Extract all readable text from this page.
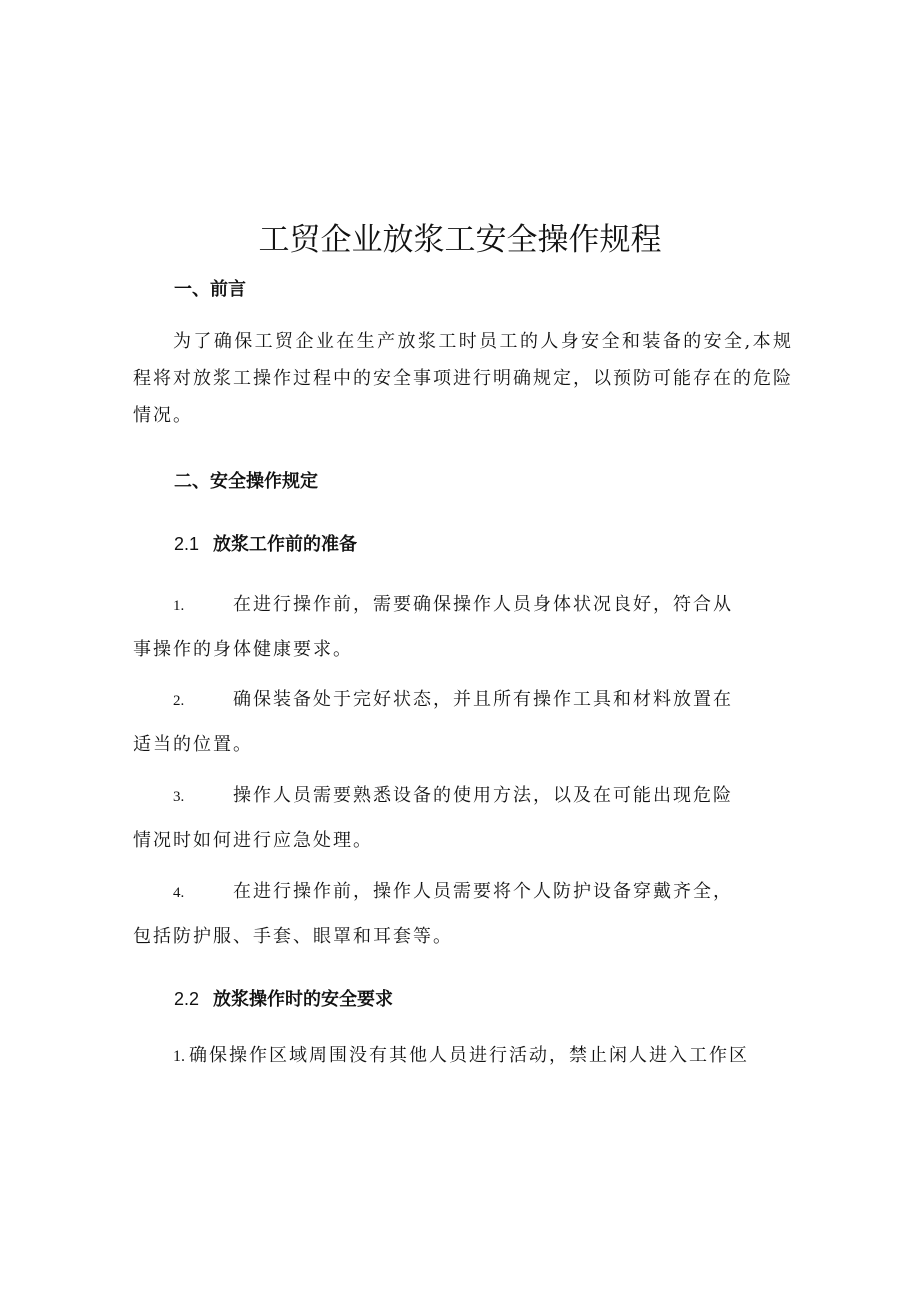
工贸企业放浆工安全操作规程
一、前言
为了确保工贸企业在生产放浆工时员工的人身安全和装备的安全,本规程将对放浆工操作过程中的安全事项进行明确规定，以预防可能存在的危险情况。
二、安全操作规定
2.1 放浆工作前的准备
1.	在进行操作前，需要确保操作人员身体状况良好，符合从
事操作的身体健康要求。
2.	确保装备处于完好状态，并且所有操作工具和材料放置在
适当的位置。
3.	操作人员需要熟悉设备的使用方法，以及在可能出现危险
情况时如何进行应急处理。
4.	在进行操作前，操作人员需要将个人防护设备穿戴齐全，
包括防护服、手套、眼罩和耳套等。
2.2 放浆操作时的安全要求
1. 确保操作区域周围没有其他人员进行活动，禁止闲人进入工作区
